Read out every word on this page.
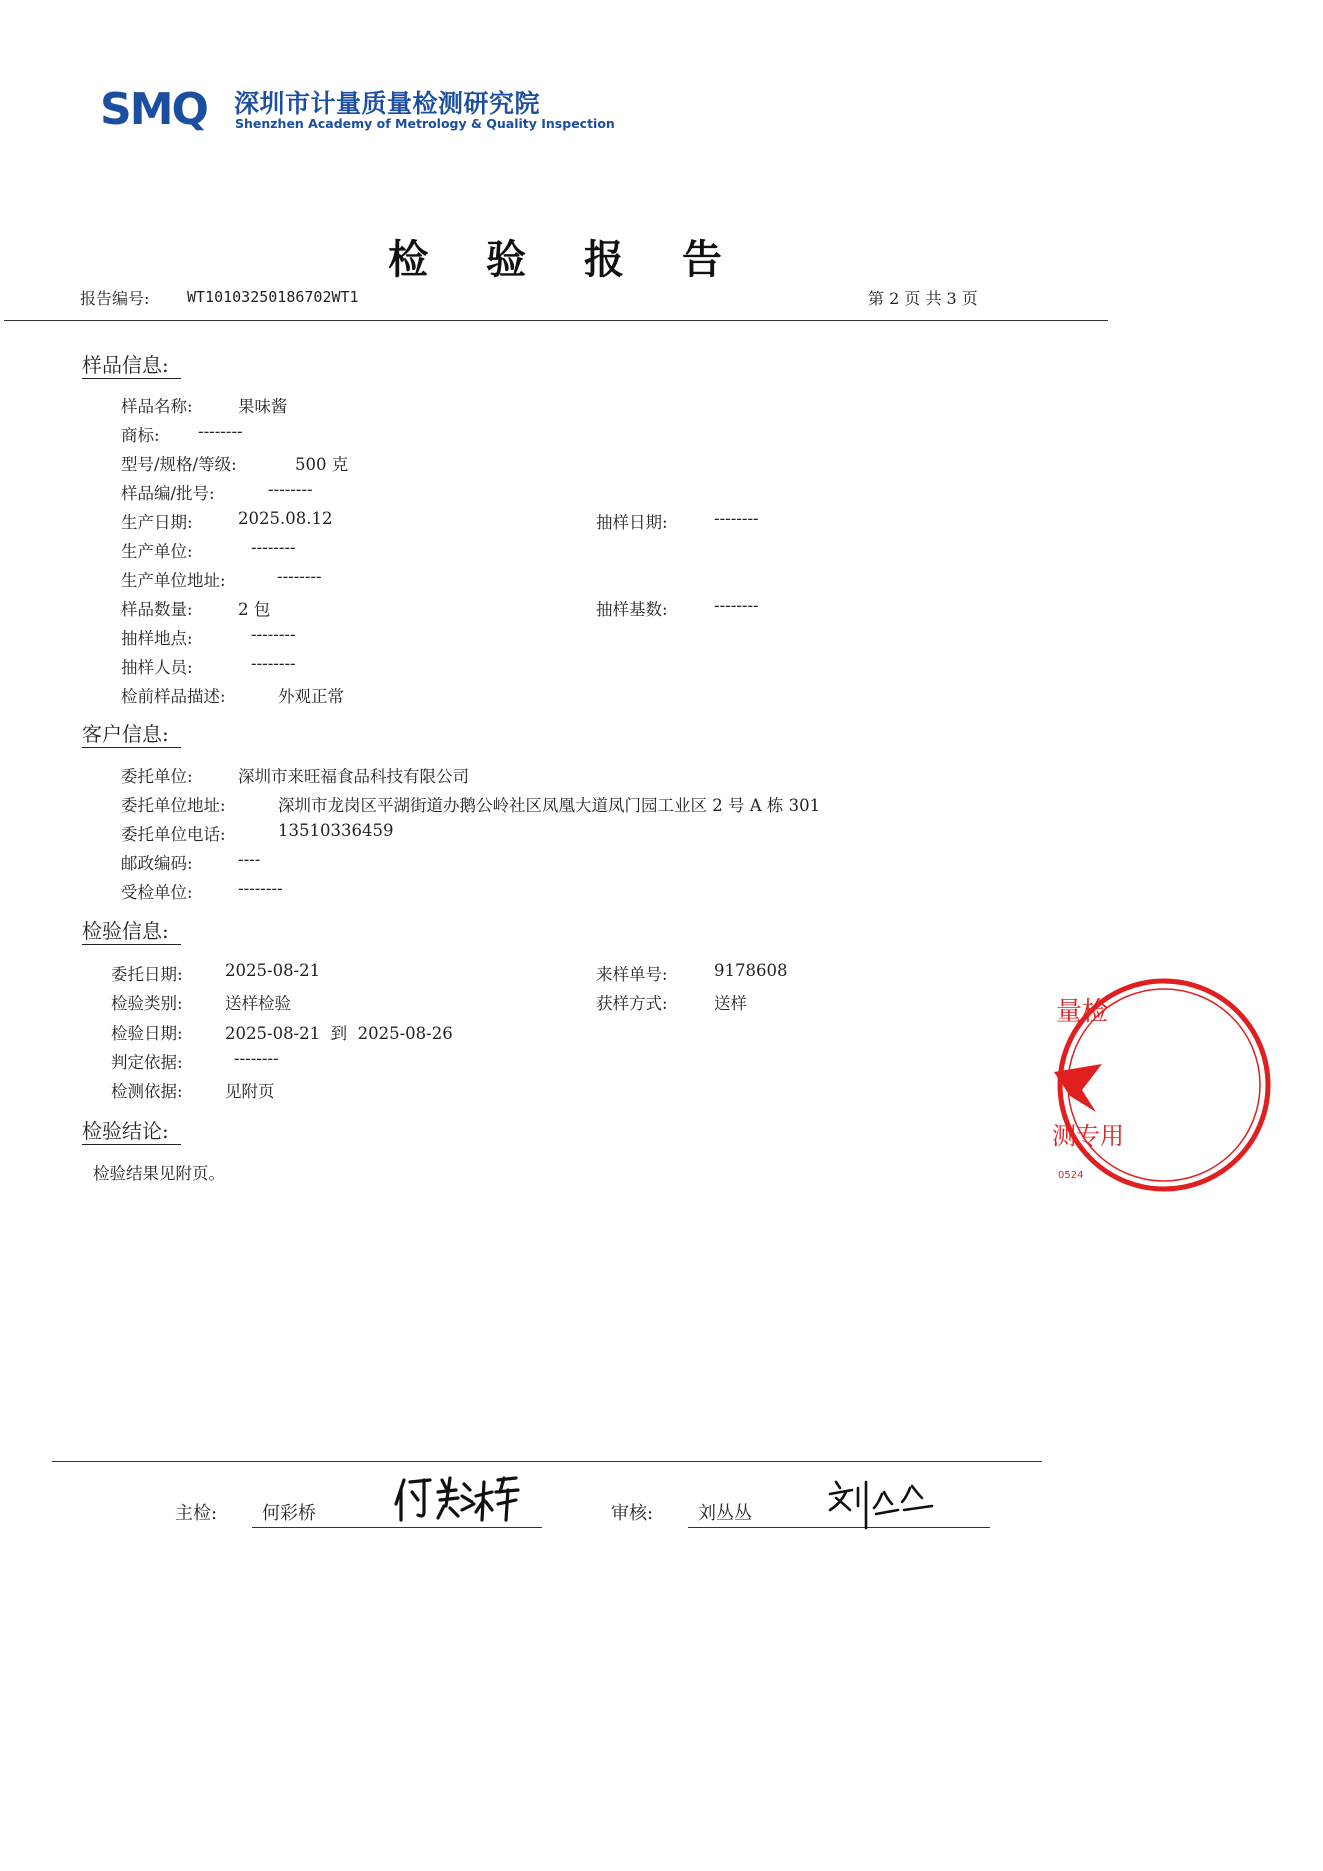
SMQ 深圳市计量质量检测研究院
Shenzhen Academy of Metrology & Quality Inspection
检 验 报 告
报告编号:	WT10103250186702WT1	第 2 页 共 3 页
样品信息:
样品名称:	果味酱
商标: --------
型号/规格/等级:	500 克
样品编/批号:	--------
生产日期:	2025.08.12	抽样日期:	--------
生产单位:	--------
生产单位地址:	--------
样品数量:	2 包	抽样基数:	--------
抽样地点:	--------
抽样人员:	--------
检前样品描述:	外观正常
客户信息:
委托单位:	深圳市来旺福食品科技有限公司
委托单位地址:	深圳市龙岗区平湖街道办鹅公岭社区凤凰大道凤门园工业区 2 号 A 栋 301
委托单位电话:	13510336459
邮政编码:	----
受检单位:	--------
检验信息:
委托日期:	2025-08-21	来样单号:	9178608
检验类别:	送样检验	获样方式:	送样
检验日期:	2025-08-21  到  2025-08-26
判定依据:	--------
检测依据:	见附页
检验结论:
检验结果见附页。
量检
测专用
0524
主检: 何彩桥	审核: 刘丛丛
